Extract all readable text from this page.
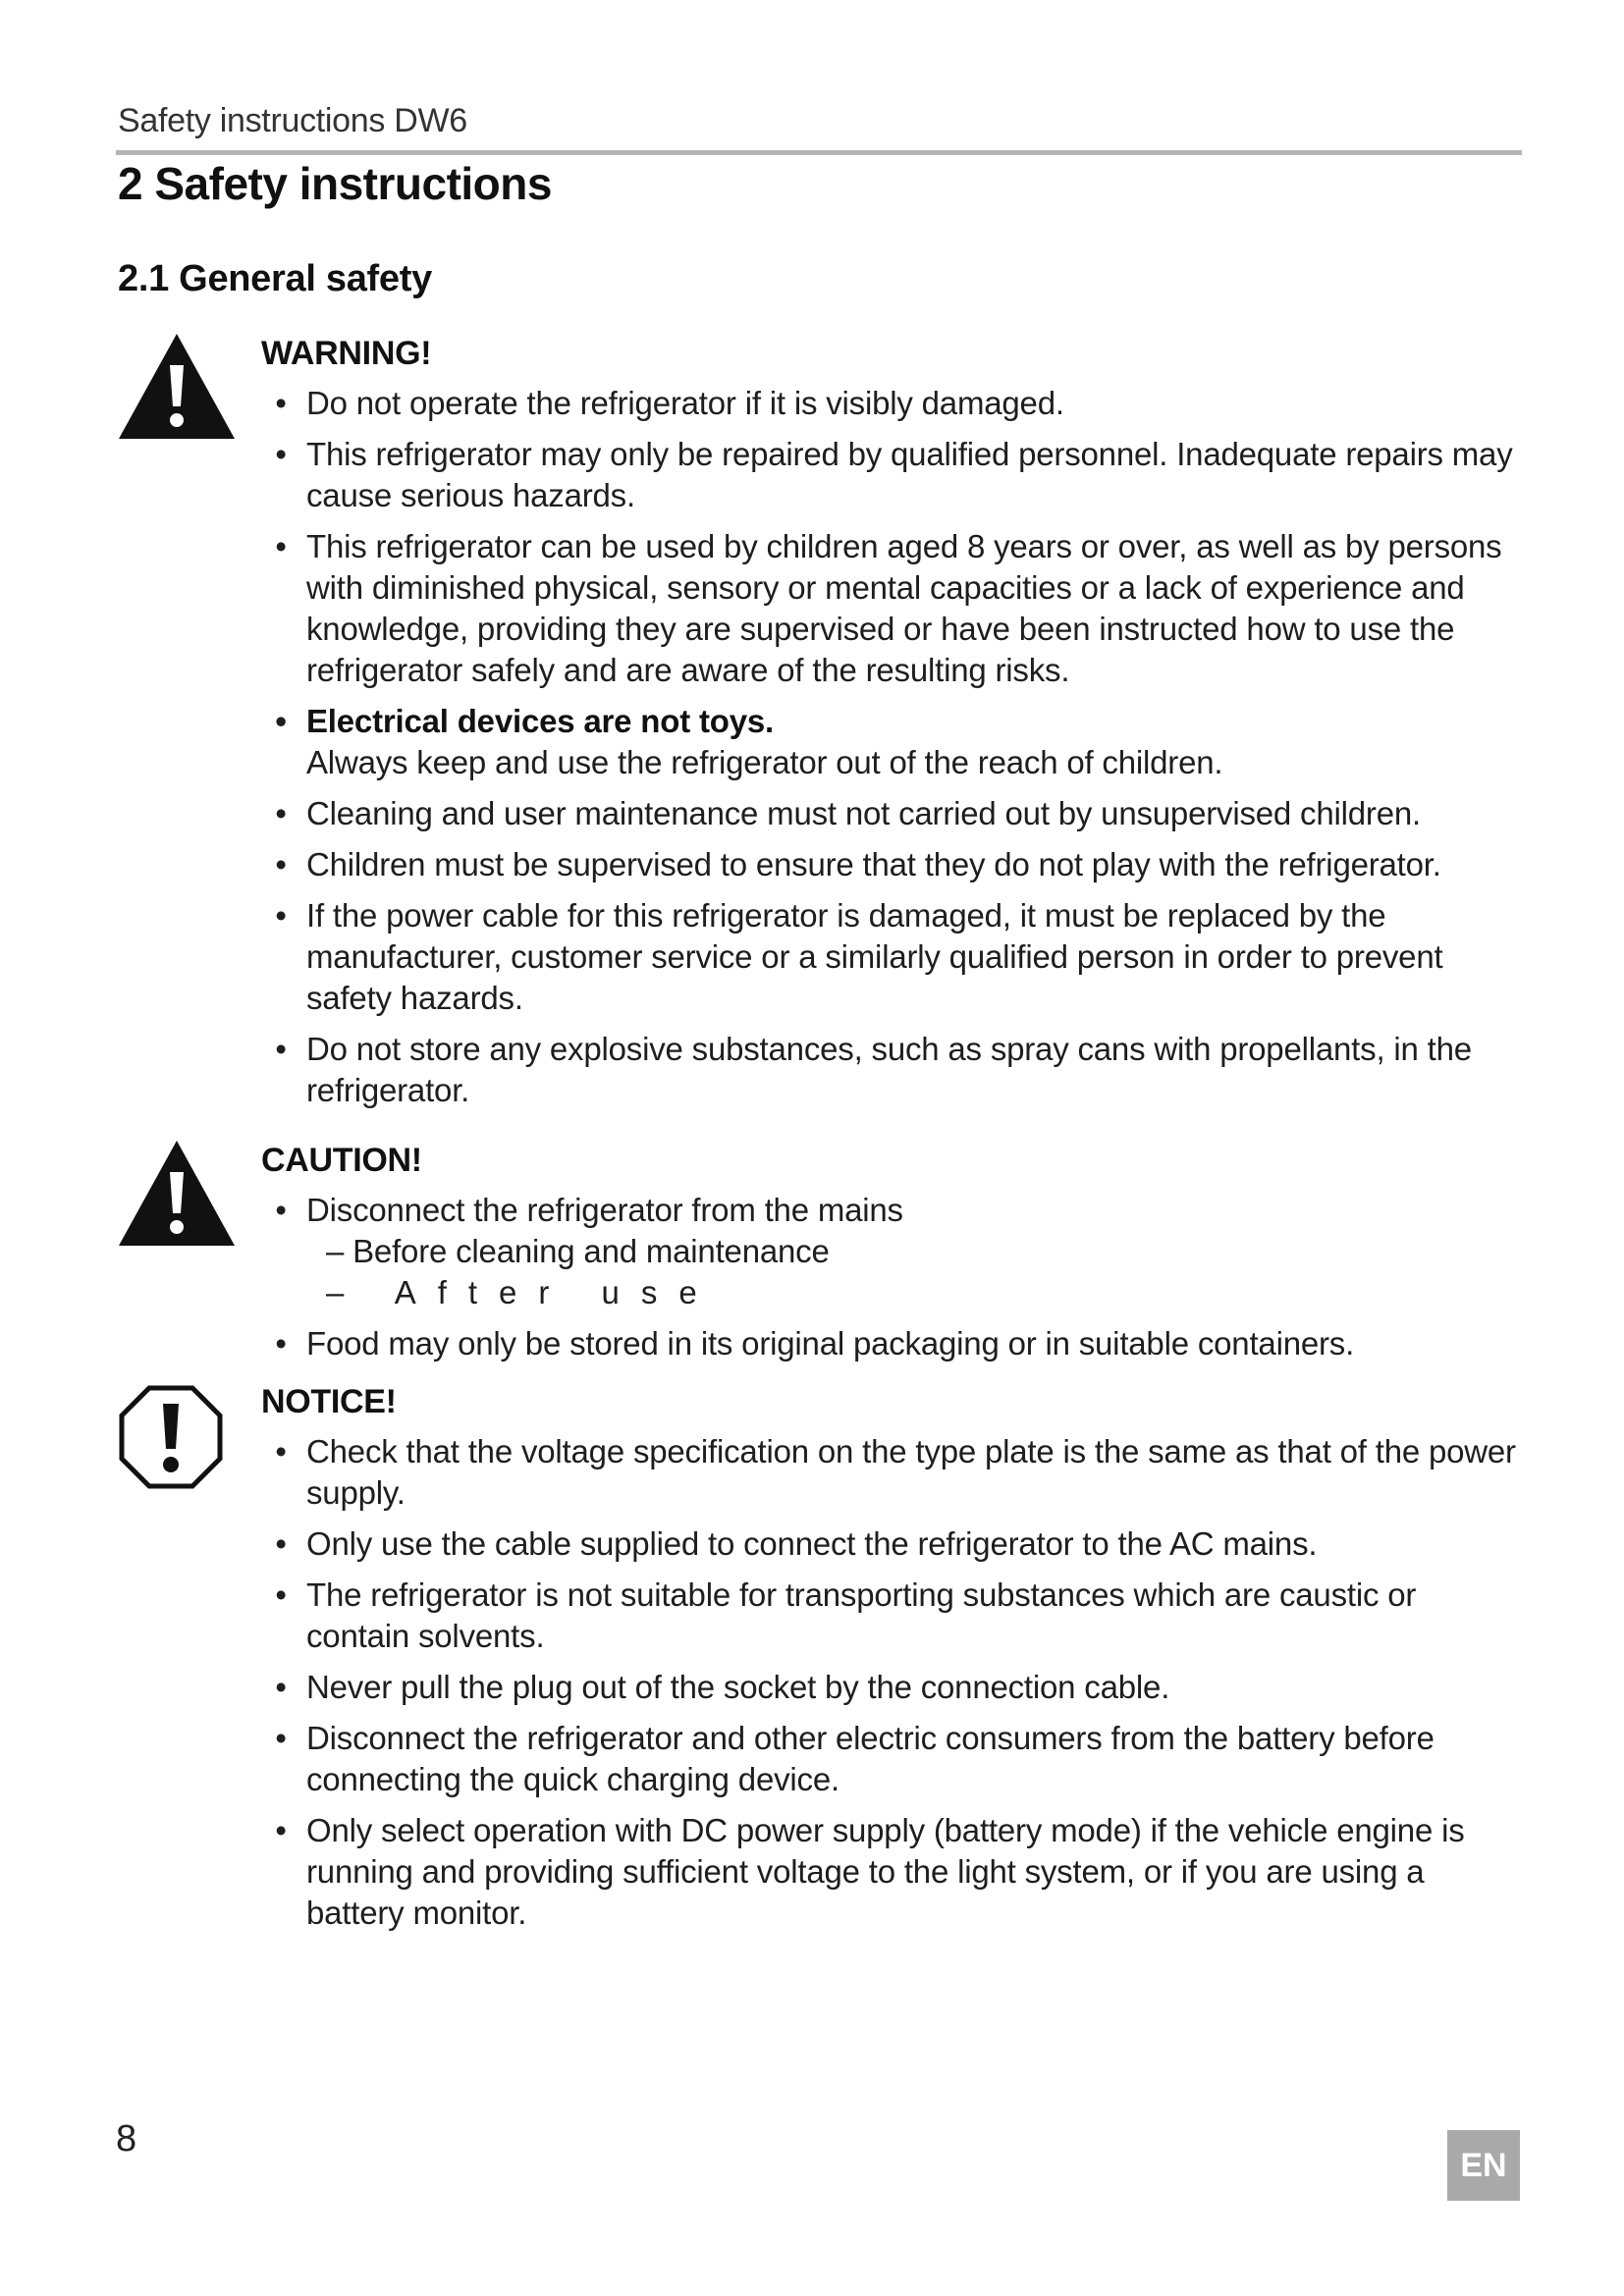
Safety instructions DW6
2 Safety instructions
2.1 General safety
WARNING!
• Do not operate the refrigerator if it is visibly damaged.
• This refrigerator may only be repaired by qualified personnel. Inadequate repairs may cause serious hazards.
• This refrigerator can be used by children aged 8 years or over, as well as by persons with diminished physical, sensory or mental capacities or a lack of experience and knowledge, providing they are supervised or have been instructed how to use the refrigerator safely and are aware of the resulting risks.
• Electrical devices are not toys.
Always keep and use the refrigerator out of the reach of children.
• Cleaning and user maintenance must not carried out by unsupervised children.
• Children must be supervised to ensure that they do not play with the refrigerator.
• If the power cable for this refrigerator is damaged, it must be replaced by the manufacturer, customer service or a similarly qualified person in order to prevent safety hazards.
• Do not store any explosive substances, such as spray cans with propellants, in the refrigerator.
CAUTION!
• Disconnect the refrigerator from the mains
– Before cleaning and maintenance
– After use
• Food may only be stored in its original packaging or in suitable containers.
NOTICE!
• Check that the voltage specification on the type plate is the same as that of the power supply.
• Only use the cable supplied to connect the refrigerator to the AC mains.
• The refrigerator is not suitable for transporting substances which are caustic or contain solvents.
• Never pull the plug out of the socket by the connection cable.
• Disconnect the refrigerator and other electric consumers from the battery before connecting the quick charging device.
• Only select operation with DC power supply (battery mode) if the vehicle engine is running and providing sufficient voltage to the light system, or if you are using a battery monitor.
8
EN
